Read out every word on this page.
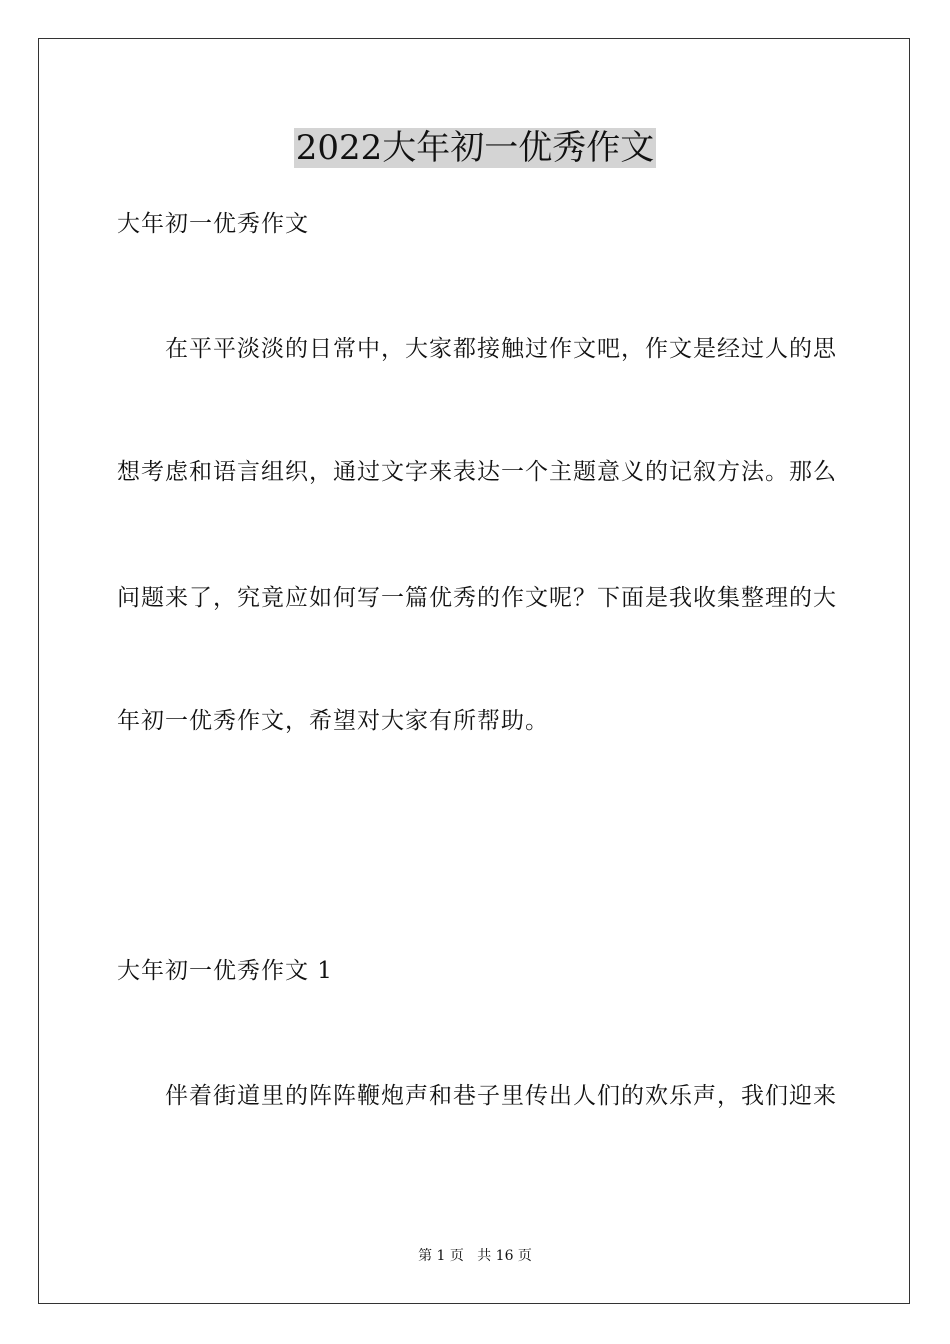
2022大年初一优秀作文
大年初一优秀作文
在平平淡淡的日常中，大家都接触过作文吧，作文是经过人的思
想考虑和语言组织，通过文字来表达一个主题意义的记叙方法。那么
问题来了，究竟应如何写一篇优秀的作文呢？下面是我收集整理的大
年初一优秀作文，希望对大家有所帮助。
大年初一优秀作文 1
伴着街道里的阵阵鞭炮声和巷子里传出人们的欢乐声，我们迎来
第 1 页   共 16 页
